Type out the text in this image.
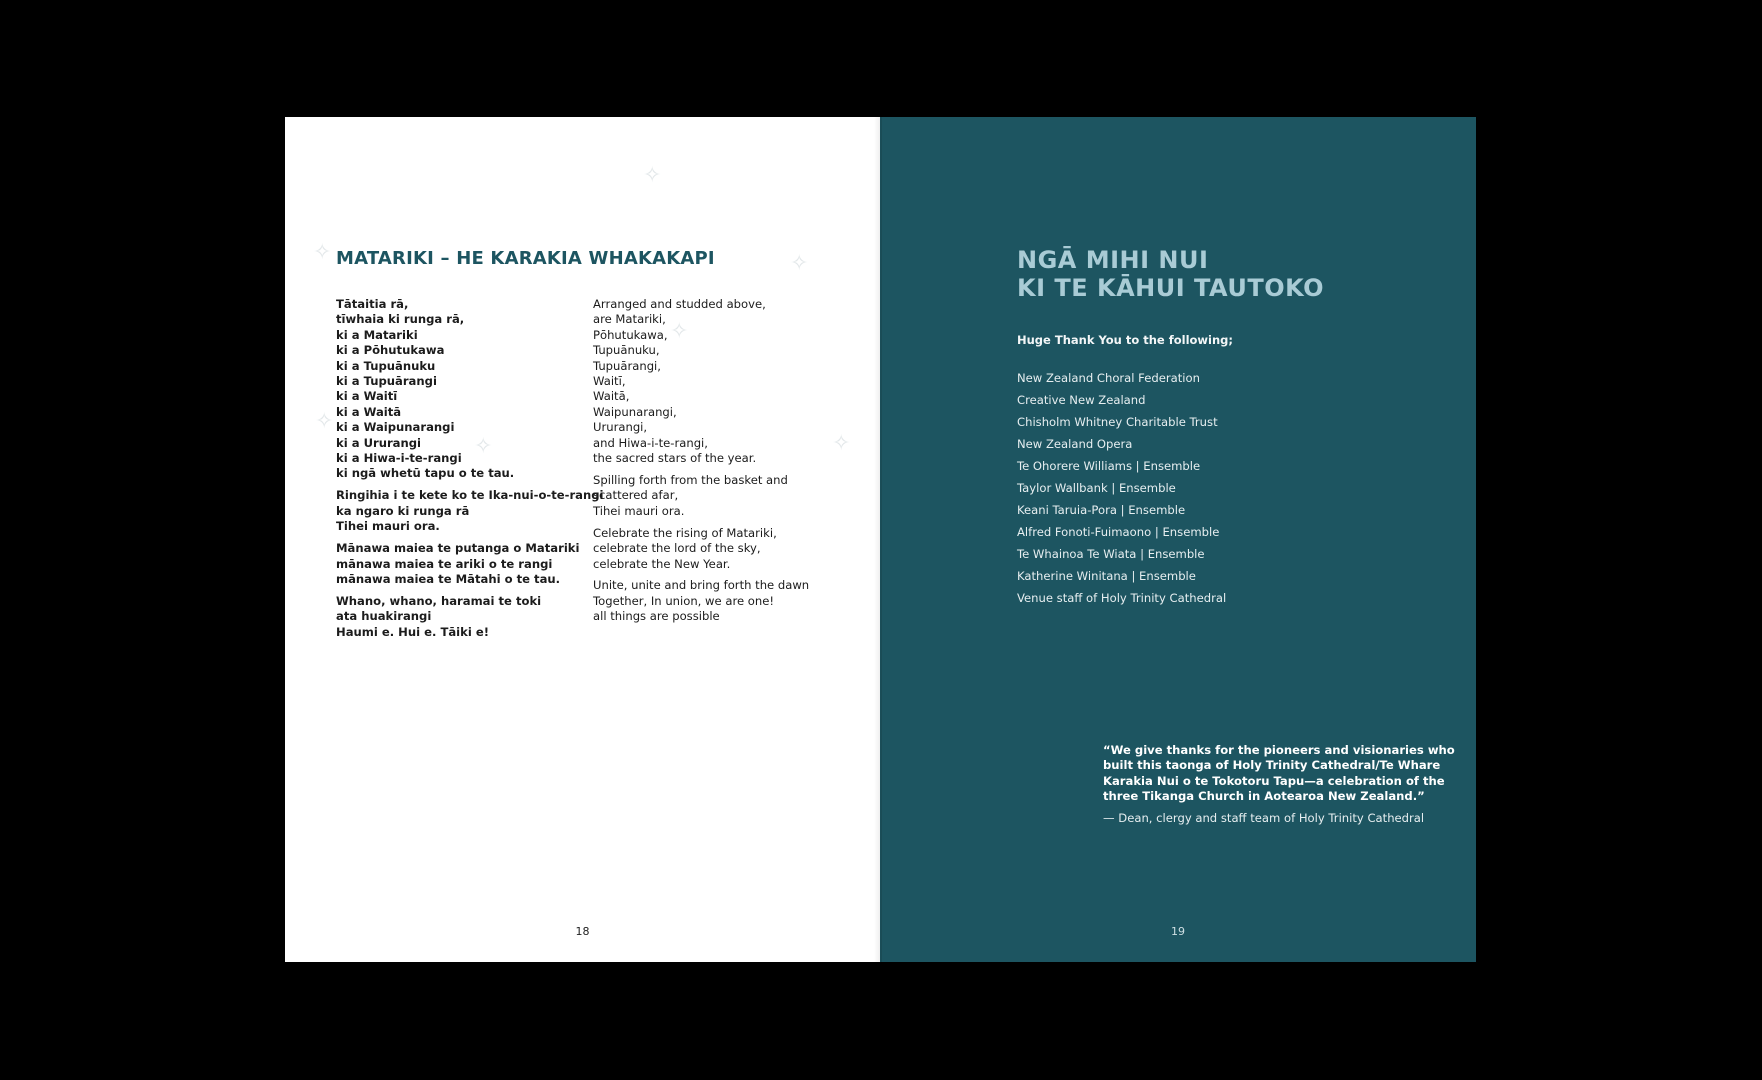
✧
✧	✧
✧
✧
✧	✧
MATARIKI – HE KARAKIA WHAKAKAPI

Tātaitia rā,
tīwhaia ki runga rā,
ki a Matariki
ki a Pōhutukawa
ki a Tupuānuku
ki a Tupuārangi
ki a Waitī
ki a Waitā
ki a Waipunarangi
ki a Ururangi
ki a Hiwa-i-te-rangi
ki ngā whetū tapu o te tau.

Ringihia i te kete ko te Ika-nui-o-te-rangi
ka ngaro ki runga rā
Tihei mauri ora.

Mānawa maiea te putanga o Matariki
mānawa maiea te ariki o te rangi
mānawa maiea te Mātahi o te tau.

Whano, whano, haramai te toki
ata huakirangi
Haumi e. Hui e. Tāiki e!

Arranged and studded above,
are Matariki,
Pōhutukawa,
Tupuānuku,
Tupuārangi,
Waitī,
Waitā,
Waipunarangi,
Ururangi,
and Hiwa-i-te-rangi,
the sacred stars of the year.

Spilling forth from the basket and
scattered afar,
Tihei mauri ora.

Celebrate the rising of Matariki,
celebrate the lord of the sky,
celebrate the New Year.

Unite, unite and bring forth the dawn
Together, In union, we are one!
all things are possible

18
NGĀ MIHI NUI
KI TE KĀHUI TAUTOKO
Huge Thank You to the following;
New Zealand Choral Federation
Creative New Zealand
Chisholm Whitney Charitable Trust
New Zealand Opera
Te Ohorere Williams | Ensemble
Taylor Wallbank | Ensemble
Keani Taruia-Pora | Ensemble
Alfred Fonoti-Fuimaono | Ensemble
Te Whainoa Te Wiata | Ensemble
Katherine Winitana | Ensemble
Venue staff of Holy Trinity Cathedral

“We give thanks for the pioneers and visionaries who
built this taonga of Holy Trinity Cathedral/Te Whare
Karakia Nui o te Tokotoru Tapu—a celebration of the
three Tikanga Church in Aotearoa New Zealand.”

— Dean, clergy and staff team of Holy Trinity Cathedral

19
